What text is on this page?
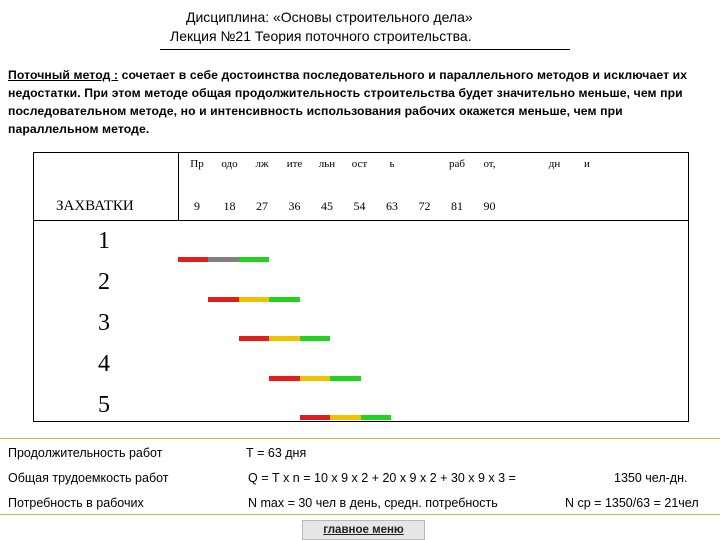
Дисциплина: «Основы строительного дела»
Лекция №21 Теория поточного строительства.
Поточный метод : сочетает в себе достоинства последовательного и параллельного методов и исключает их недостатки. При этом методе общая продолжительность строительства будет значительно меньше, чем при последовательном методе, но и интенсивность использования рабочих окажется меньше, чем при параллельном методе.
Пр	одо	лж	ите	льн	ост	ь	раб	от,	дн	и
9	18	27	36	45	54	63	72	81	90
ЗАХВАТКИ
1
2
3
4
5
Продолжительность работ	Т = 63 дня
Общая трудоемкость работ	Q = Т х n = 10 х 9 х 2 + 20 х 9 х 2 + 30 х 9 х 3 =	1350 чел-дн.
Потребность в рабочих	N max = 30 чел в день, средн. потребность	N ср = 1350/63 = 21чел
главное меню
